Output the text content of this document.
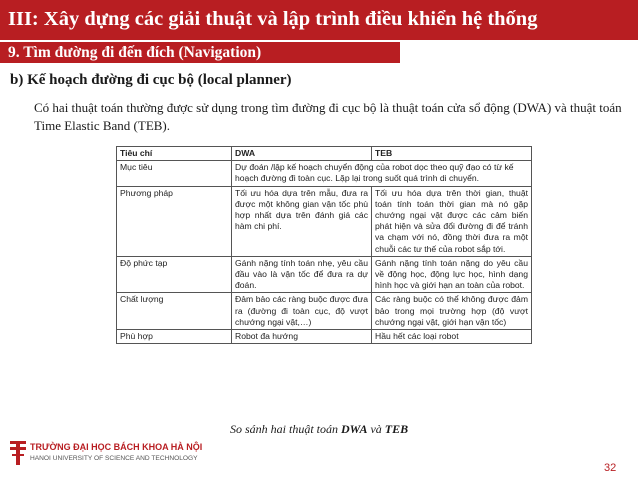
III: Xây dựng các giải thuật và lập trình điều khiển hệ thống
9. Tìm đường đi đến đích (Navigation)
b) Kế hoạch đường đi cục bộ (local planner)
Có hai thuật toán thường được sử dụng trong tìm đường đi cục bộ là thuật toán cửa sổ động (DWA) và thuật toán Time Elastic Band (TEB).
Tiêu chí	DWA	TEB
Mục tiêu	Dự đoán /lập kế hoạch chuyển động của robot dọc theo quỹ đạo có từ kế hoạch đường đi toàn cục. Lặp lại trong suốt quá trình di chuyển.	
Phương pháp	Tối ưu hóa dựa trên mẫu, đưa ra được một không gian vận tốc phù hợp nhất dựa trên đánh giá các hàm chi phí.	Tối ưu hóa dựa trên thời gian, thuật toán tính toán thời gian mà nó gặp chướng ngại vật được các cảm biến phát hiện và sửa đổi đường đi để tránh va chạm với nó, đồng thời đưa ra một chuỗi các tư thế của robot sắp tới.
Độ phức tạp	Gánh nặng tính toán nhẹ, yêu cầu đầu vào là vận tốc để đưa ra dự đoán.	Gánh nặng tính toán nặng do yêu cầu về động học, động lực học, hình dạng hình học và giới hạn an toàn của robot.
Chất lượng	Đảm bảo các ràng buộc được đưa ra (đường đi toàn cục, độ vượt chướng ngại vật,…)	Các ràng buộc có thể không được đảm bảo trong mọi trường hợp (độ vượt chướng ngại vật, giới hạn vận tốc)
Phù hợp	Robot đa hướng	Hầu hết các loại robot
So sánh hai thuật toán DWA và TEB
TRƯỜNG ĐẠI HỌC BÁCH KHOA HÀ NỘI
HANOI UNIVERSITY OF SCIENCE AND TECHNOLOGY
32
